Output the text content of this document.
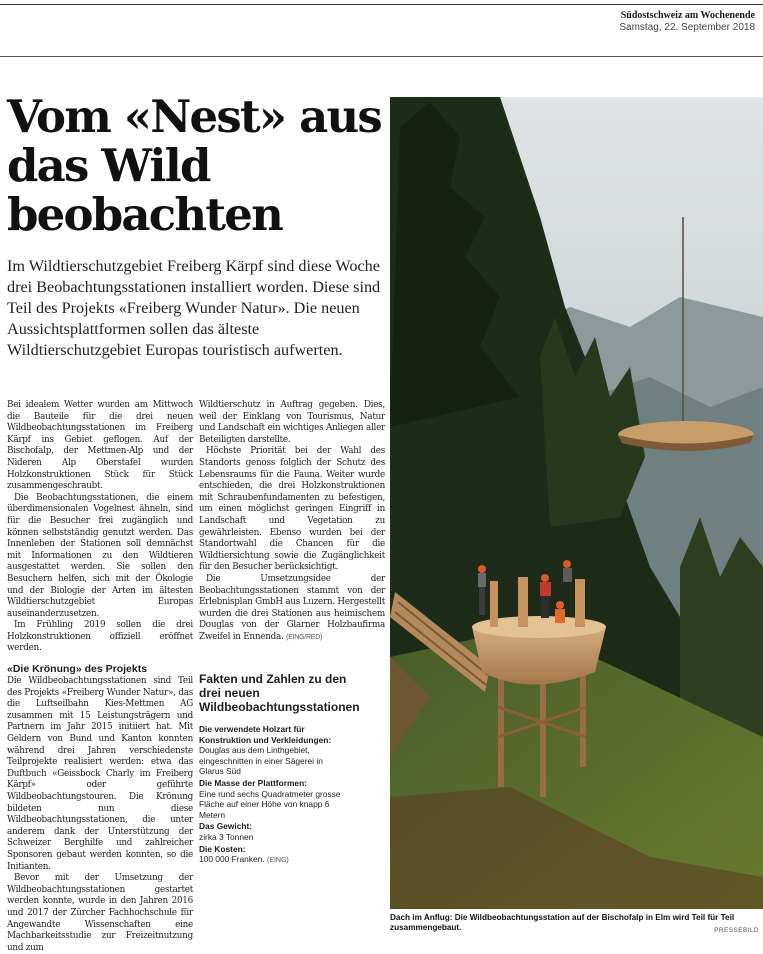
Südostschweiz am Wochenende
Samstag, 22. September 2018
Vom «Nest» aus das Wild beobachten

Im Wildtierschutzgebiet Freiberg Kärpf sind diese Woche drei Beobachtungsstationen installiert worden. Diese sind Teil des Projekts «Freiberg Wunder Natur». Die neuen Aussichtsplattformen sollen das älteste Wildtierschutzgebiet Europas touristisch aufwerten.

Bei idealem Wetter wurden am Mittwoch die Bauteile für die drei neuen Wildbeobachtungsstationen im Freiberg Kärpf ins Gebiet geflogen. Auf der Bischofalp, der Mettmen-Alp und der Nideren Alp Oberstafel wurden Holzkonstruktionen Stück für Stück zusammengeschraubt.

Die Beobachtungsstationen, die einem überdimensionalen Vogelnest ähneln, sind für die Besucher frei zugänglich und können selbstständig genutzt werden. Das Innenleben der Stationen soll demnächst mit Informationen zu den Wildtieren ausgestattet werden. Sie sollen den Besuchern helfen, sich mit der Ökologie und der Biologie der Arten im ältesten Wildtierschutzgebiet Europas auseinanderzusetzen.

Im Frühling 2019 sollen die drei Holzkonstruktionen offiziell eröffnet werden.

«Die Krönung» des Projekts

Die Wildbeobachtungsstationen sind Teil des Projekts «Freiberg Wunder Natur», das die Luftseilbahn Kies-Mettmen AG zusammen mit 15 Leistungsträgern und Partnern im Jahr 2015 initiiert hat. Mit Geldern von Bund und Kanton konnten während drei Jahren verschiedenste Teilprojekte realisiert werden: etwa das Duftbuch «Geissbock Charly im Freiberg Kärpf» oder geführte Wildbeobachtungstouren. Die Krönung bildeten nun diese Wildbeobachtungsstationen, die unter anderem dank der Unterstützung der Schweizer Berghilfe und zahlreicher Sponsoren gebaut werden konnten, so die Initianten.

Bevor mit der Umsetzung der Wildbeobachtungsstationen gestartet werden konnte, wurde in den Jahren 2016 und 2017 der Zürcher Fachhochschule für Angewandte Wissenschaften eine Machbarkeitsstudie zur Freizeitnutzung und zum

Wildtierschutz in Auftrag gegeben. Dies, weil der Einklang von Tourismus, Natur und Landschaft ein wichtiges Anliegen aller Beteiligten darstellte.

Höchste Priorität bei der Wahl des Standorts genoss folglich der Schutz des Lebensraums für die Fauna. Weiter wurde entschieden, die drei Holzkonstruktionen mit Schraubenfundamenten zu befestigen, um einen möglichst geringen Eingriff in Landschaft und Vegetation zu gewährleisten. Ebenso wurden bei der Standortwahl die Chancen für die Wildtiersichtung sowie die Zugänglichkeit für den Besucher berücksichtigt.

Die Umsetzungsidee der Beobachtungsstationen stammt von der Erlebnisplan GmbH aus Luzern. Hergestellt wurden die drei Stationen aus heimischem Douglas von der Glarner Holzbaufirma Zweifel in Ennenda. (EING/RED)

Fakten und Zahlen zu den drei neuen Wildbeobachtungsstationen
Die verwendete Holzart für Konstruktion und Verkleidungen:
Douglas aus dem Linthgebiet, eingeschnitten in einer Sägerei in Glarus Süd
Die Masse der Plattformen:
Eine rund sechs Quadratmeter grosse Fläche auf einer Höhe von knapp 6 Metern
Das Gewicht:
zirka 3 Tonnen
Die Kosten:
100 000 Franken. (EING)
Dach im Anflug: Die Wildbeobachtungsstation auf der Bischofalp in Elm wird Teil für Teil zusammengebaut.	PRESSEBILD
